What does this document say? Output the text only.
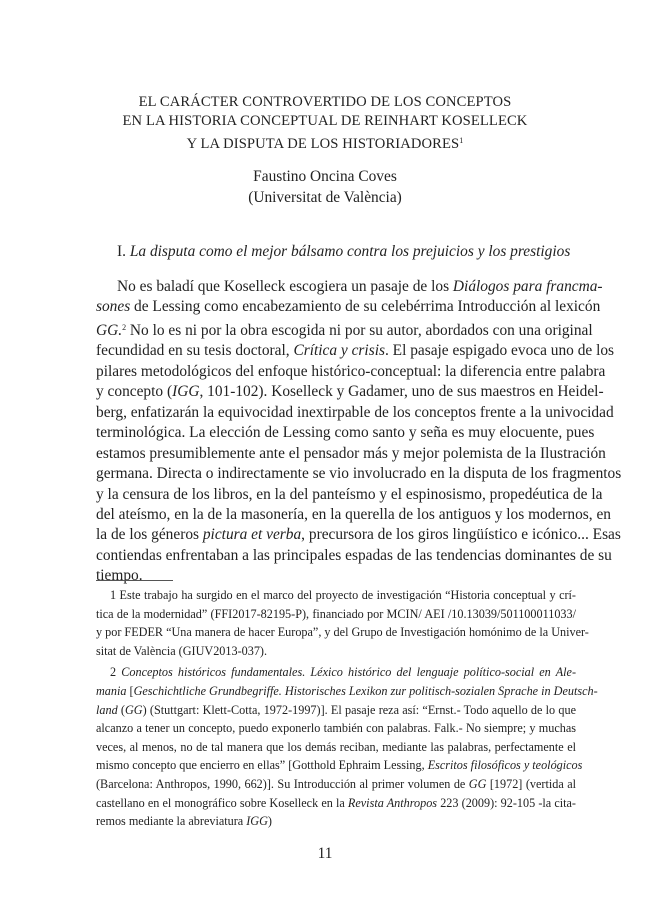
EL CARÁCTER CONTROVERTIDO DE LOS CONCEPTOS
EN LA HISTORIA CONCEPTUAL DE REINHART KOSELLECK
Y LA DISPUTA DE LOS HISTORIADORES$^1$
Faustino Oncina Coves
(Universitat de València)
I. La disputa como el mejor bálsamo contra los prejuicios y los prestigios
No es baladí que Koselleck escogiera un pasaje de los Diálogos para francma-
sones de Lessing como encabezamiento de su celebérrima Introducción al lexicón
GG.$^2$ No lo es ni por la obra escogida ni por su autor, abordados con una original
fecundidad en su tesis doctoral, Crítica y crisis. El pasaje espigado evoca uno de los
pilares metodológicos del enfoque histórico-conceptual: la diferencia entre palabra
y concepto (IGG, 101-102). Koselleck y Gadamer, uno de sus maestros en Heidel-
berg, enfatizarán la equivocidad inextirpable de los conceptos frente a la univocidad
terminológica. La elección de Lessing como santo y seña es muy elocuente, pues
estamos presumiblemente ante el pensador más y mejor polemista de la Ilustración
germana. Directa o indirectamente se vio involucrado en la disputa de los fragmentos
y la censura de los libros, en la del panteísmo y el espinosismo, propedéutica de la
del ateísmo, en la de la masonería, en la querella de los antiguos y los modernos, en
la de los géneros pictura et verba, precursora de los giros lingüístico e icónico... Esas
contiendas enfrentaban a las principales espadas de las tendencias dominantes de su
tiempo.
1 Este trabajo ha surgido en el marco del proyecto de investigación “Historia conceptual y crí-
tica de la modernidad” (FFI2017-82195-P), financiado por MCIN/ AEI /10.13039/501100011033/
y por FEDER “Una manera de hacer Europa”, y del Grupo de Investigación homónimo de la Univer-
sitat de València (GIUV2013-037).
2 Conceptos históricos fundamentales. Léxico histórico del lenguaje político-social en Ale-
mania [Geschichtliche Grundbegriffe. Historisches Lexikon zur politisch-sozialen Sprache in Deutsch-
land (GG) (Stuttgart: Klett-Cotta, 1972-1997)]. El pasaje reza así: “Ernst.- Todo aquello de lo que
alcanzo a tener un concepto, puedo exponerlo también con palabras. Falk.- No siempre; y muchas
veces, al menos, no de tal manera que los demás reciban, mediante las palabras, perfectamente el
mismo concepto que encierro en ellas” [Gotthold Ephraim Lessing, Escritos filosóficos y teológicos
(Barcelona: Anthropos, 1990, 662)]. Su Introducción al primer volumen de GG [1972] (vertida al
castellano en el monográfico sobre Koselleck en la Revista Anthropos 223 (2009): 92-105 -la cita-
remos mediante la abreviatura IGG)
11
